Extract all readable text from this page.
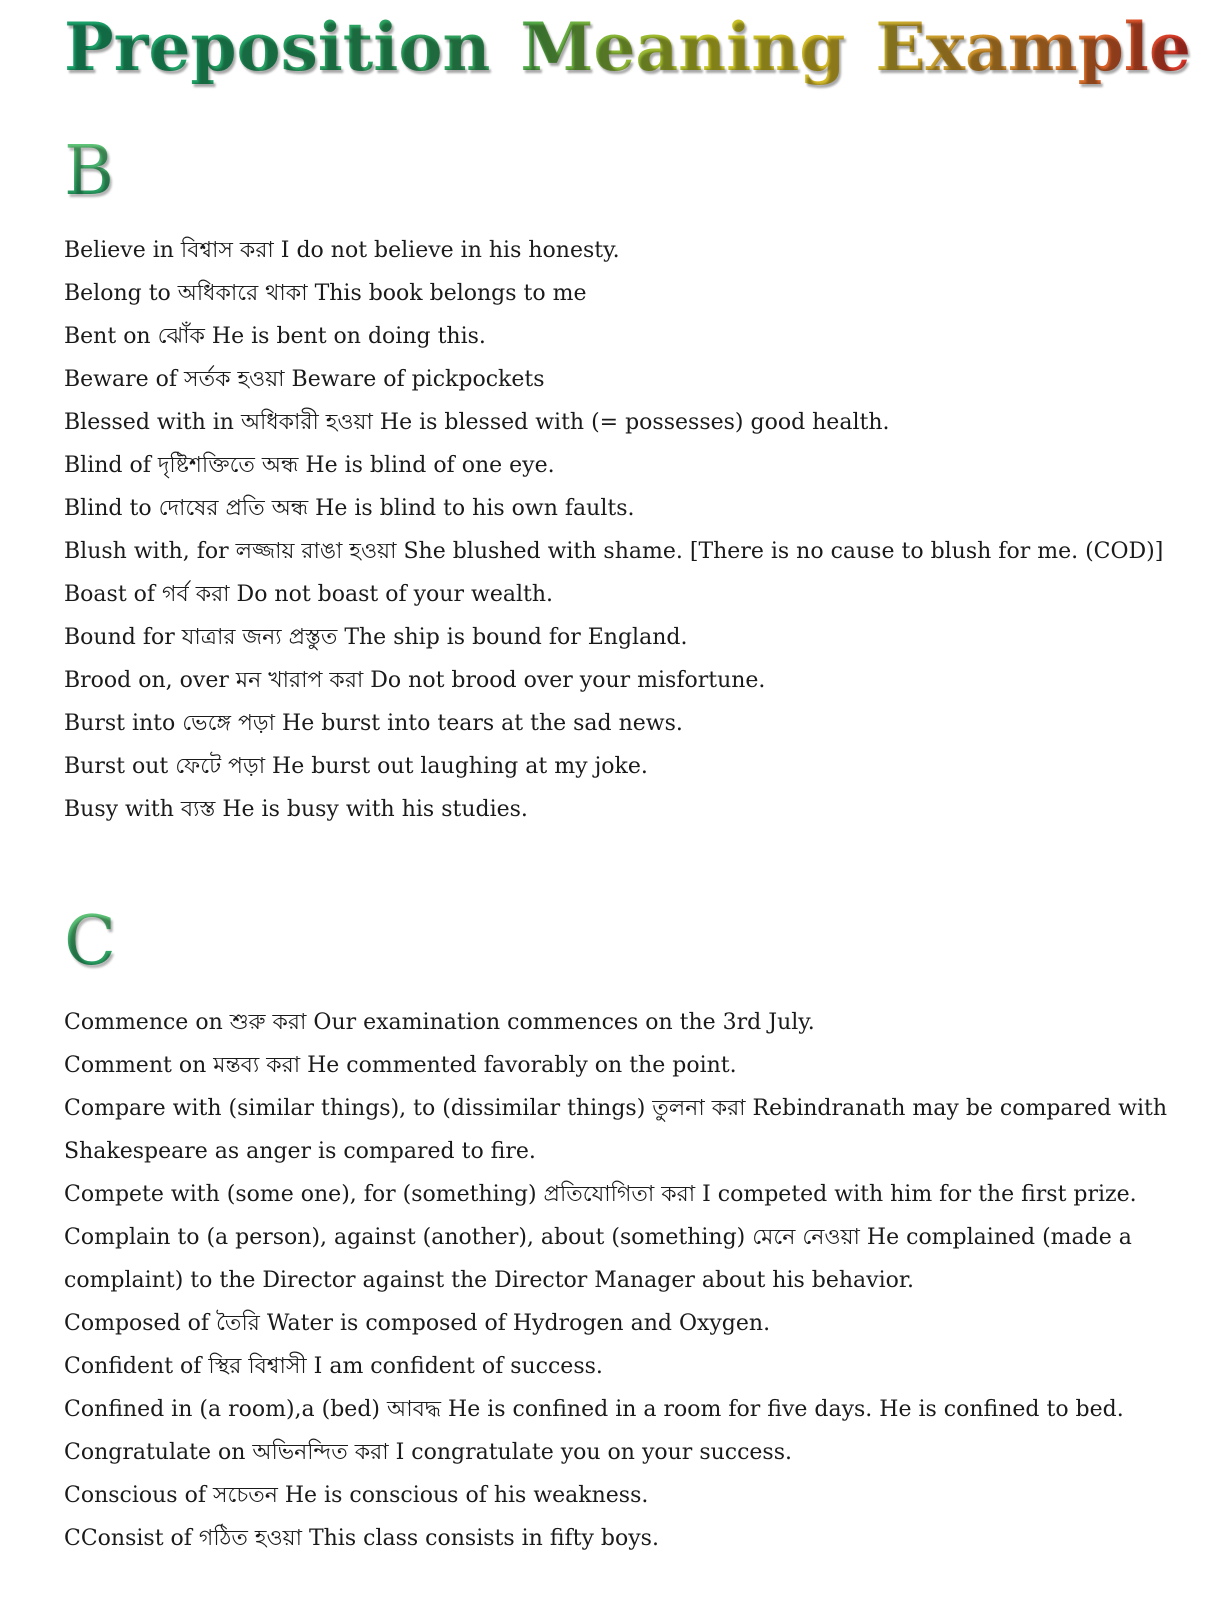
Preposition Meaning Example
B
Believe in বিশ্বাস করা I do not believe in his honesty.
Belong to অধিকারে থাকা This book belongs to me
Bent on ঝোঁক He is bent on doing this.
Beware of সর্তক হওয়া Beware of pickpockets
Blessed with in অধিকারী হওয়া He is blessed with (= possesses) good health.
Blind of দৃষ্টিশক্তিতে অন্ধ He is blind of one eye.
Blind to দোষের প্রতি অন্ধ He is blind to his own faults.
Blush with, for লজ্জায় রাঙা হওয়া She blushed with shame. [There is no cause to blush for me. (COD)]
Boast of গর্ব করা Do not boast of your wealth.
Bound for যাত্রার জন্য প্রস্তুত The ship is bound for England.
Brood on, over মন খারাপ করা Do not brood over your misfortune.
Burst into ভেঙ্গে পড়া He burst into tears at the sad news.
Burst out ফেটে পড়া He burst out laughing at my joke.
Busy with ব্যস্ত He is busy with his studies.
C
Commence on শুরু করা Our examination commences on the 3rd July.
Comment on মন্তব্য করা He commented favorably on the point.
Compare with (similar things), to (dissimilar things) তুলনা করা Rebindranath may be compared with
Shakespeare as anger is compared to fire.
Compete with (some one), for (something) প্রতিযোগিতা করা I competed with him for the first prize.
Complain to (a person), against (another), about (something) মেনে নেওয়া He complained (made a
complaint) to the Director against the Director Manager about his behavior.
Composed of তৈরি Water is composed of Hydrogen and Oxygen.
Confident of স্থির বিশ্বাসী I am confident of success.
Confined in (a room),a (bed) আবদ্ধ He is confined in a room for five days. He is confined to bed.
Congratulate on অভিনন্দিত করা I congratulate you on your success.
Conscious of সচেতন He is conscious of his weakness.
CConsist of গঠিত হওয়া This class consists in fifty boys.
